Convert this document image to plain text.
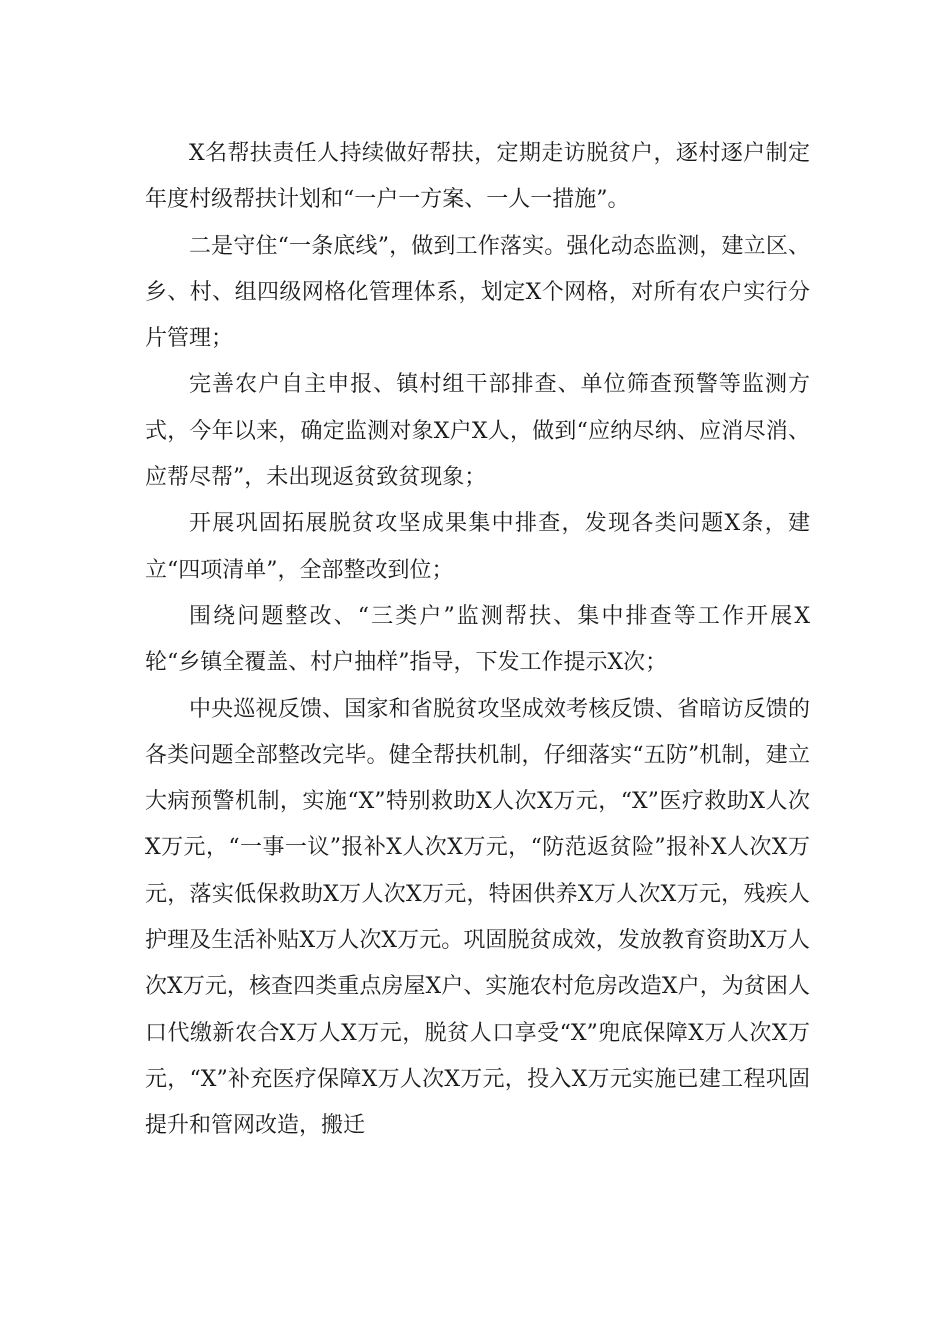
X名帮扶责任人持续做好帮扶，定期走访脱贫户，逐村逐户制定年度村级帮扶计划和“一户一方案、一人一措施”。

二是守住“一条底线”，做到工作落实。强化动态监测，建立区、乡、村、组四级网格化管理体系，划定X个网格，对所有农户实行分片管理；

完善农户自主申报、镇村组干部排查、单位筛查预警等监测方式，今年以来，确定监测对象X户X人，做到“应纳尽纳、应消尽消、应帮尽帮”，未出现返贫致贫现象；

开展巩固拓展脱贫攻坚成果集中排查，发现各类问题X条，建立“四项清单”，全部整改到位；

围绕问题整改、“三类户”监测帮扶、集中排查等工作开展X轮“乡镇全覆盖、村户抽样”指导，下发工作提示X次；

中央巡视反馈、国家和省脱贫攻坚成效考核反馈、省暗访反馈的各类问题全部整改完毕。健全帮扶机制，仔细落实“五防”机制，建立大病预警机制，实施“X”特别救助X人次X万元，“X”医疗救助X人次X万元，“一事一议”报补X人次X万元，“防范返贫险”报补X人次X万元，落实低保救助X万人次X万元，特困供养X万人次X万元，残疾人护理及生活补贴X万人次X万元。巩固脱贫成效，发放教育资助X万人次X万元，核查四类重点房屋X户、实施农村危房改造X户，为贫困人口代缴新农合X万人X万元，脱贫人口享受“X”兜底保障X万人次X万元，“X”补充医疗保障X万人次X万元，投入X万元实施已建工程巩固提升和管网改造，搬迁
